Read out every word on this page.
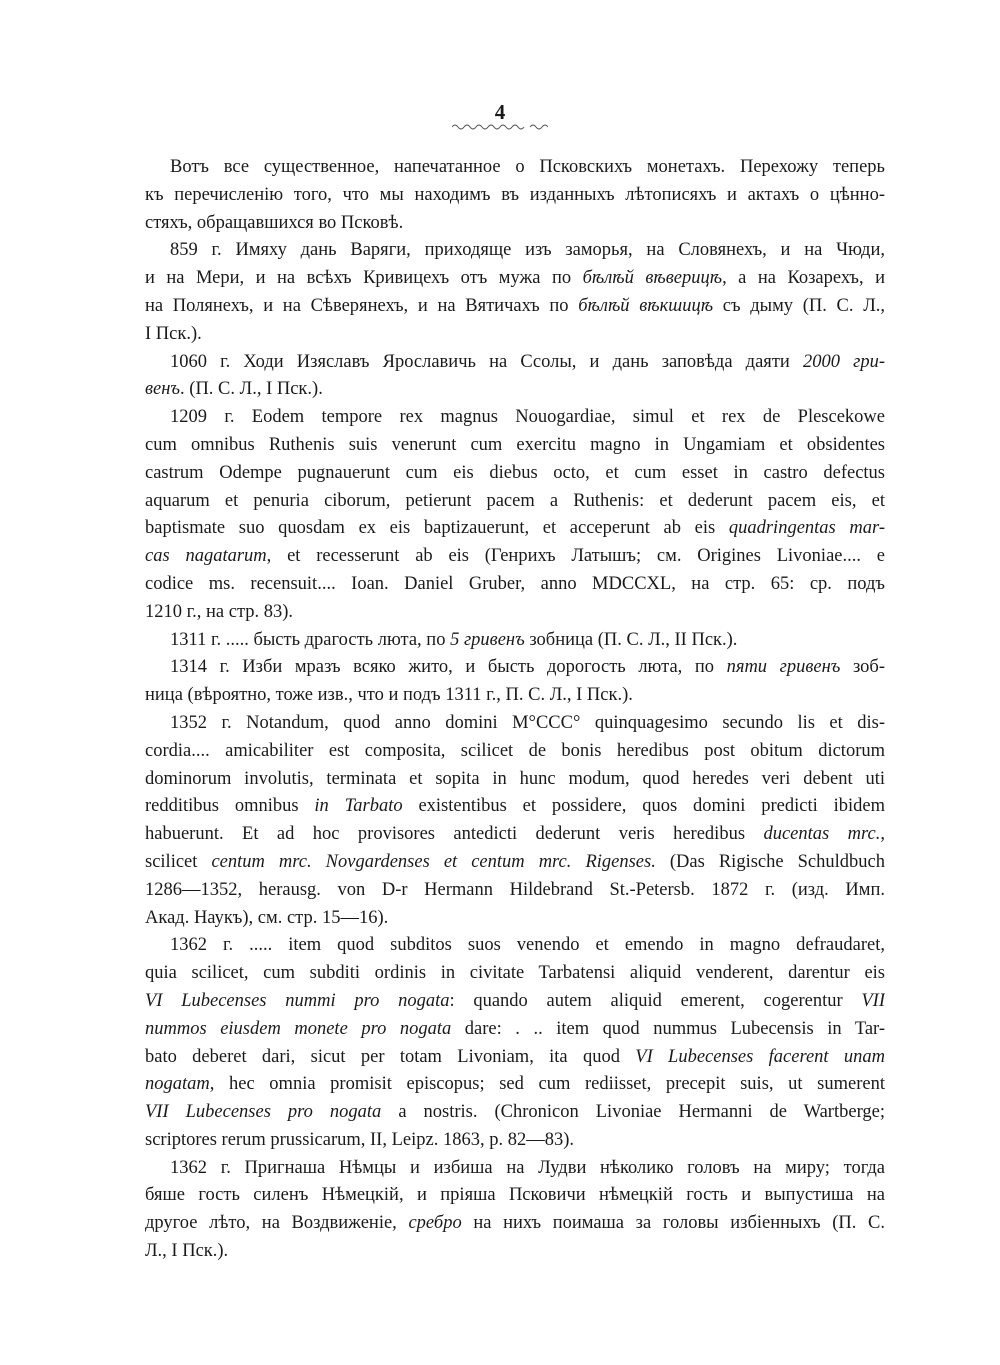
4
Вотъ все существенное, напечатанное о Псковскихъ монетахъ. Перехожу теперь
къ перечисленію того, что мы находимъ въ изданныхъ лѣтописяхъ и актахъ о цѣнно-
стяхъ, обращавшихся во Псковѣ.
859 г. Имяху дань Варяги, приходяще изъ заморья, на Словянехъ, и на Чюди,
и на Мери, и на всѣхъ Кривицехъ отъ мужа по бѣлѣй вѣверицѣ, а на Козарехъ, и
на Полянехъ, и на Сѣверянехъ, и на Вятичахъ по бѣлѣй вѣкшицѣ съ дыму (П. С. Л.,
I Пск.).
1060 г. Ходи Изяславъ Ярославичь на Ссолы, и дань заповѣда даяти 2000 гри-
венъ. (П. С. Л., I Пск.).
1209 г. Eodem tempore rex magnus Nouogardiae, simul et rex de Plescekowe
cum omnibus Ruthenis suis venerunt cum exercitu magno in Ungamiam et obsidentes
castrum Odempe pugnauerunt cum eis diebus octo, et cum esset in castro defectus
aquarum et penuria ciborum, petierunt pacem a Ruthenis: et dederunt pacem eis, et
baptismate suo quosdam ex eis baptizauerunt, et acceperunt ab eis quadringentas mar-
cas nagatarum, et recesserunt ab eis (Генрихъ Латышъ; см. Origines Livoniae.... e
codice ms. recensuit.... Ioan. Daniel Gruber, anno MDCCXL, на стр. 65: ср. подъ
1210 г., на стр. 83).
1311 г. ..... бысть драгость люта, по 5 гривенъ зобница (П. С. Л., II Пск.).
1314 г. Изби мразъ всяко жито, и бысть дорогость люта, по пяти гривенъ зоб-
ница (вѣроятно, тоже изв., что и подъ 1311 г., П. С. Л., I Пск.).
1352 г. Notandum, quod anno domini M°CCC° quinquagesimo secundo lis et dis-
cordia.... amicabiliter est composita, scilicet de bonis heredibus post obitum dictorum
dominorum involutis, terminata et sopita in hunc modum, quod heredes veri debent uti
redditibus omnibus in Tarbato existentibus et possidere, quos domini predicti ibidem
habuerunt. Et ad hoc provisores antedicti dederunt veris heredibus ducentas mrc.,
scilicet centum mrc. Novgardenses et centum mrc. Rigenses. (Das Rigische Schuldbuch
1286—1352, herausg. von D-r Hermann Hildebrand St.-Petersb. 1872 г. (изд. Имп.
Акад. Наукъ), см. стр. 15—16).
1362 г. ..... item quod subditos suos venendo et emendo in magno defraudaret,
quia scilicet, cum subditi ordinis in civitate Tarbatensi aliquid venderent, darentur eis
VI Lubecenses nummi pro nogata: quando autem aliquid emerent, cogerentur VII
nummos eiusdem monete pro nogata dare: . .. item quod nummus Lubecensis in Tar-
bato deberet dari, sicut per totam Livoniam, ita quod VI Lubecenses facerent unam
nogatam, hec omnia promisit episcopus; sed cum rediisset, precepit suis, ut sumerent
VII Lubecenses pro nogata a nostris. (Chronicon Livoniae Hermanni de Wartberge;
scriptores rerum prussicarum, II, Leipz. 1863, p. 82—83).
1362 г. Пригнаша Нѣмцы и избиша на Лудви нѣколико головъ на миру; тогда
бяше гость силенъ Нѣмецкій, и пріяша Псковичи нѣмецкій гость и выпустиша на
другое лѣто, на Воздвиженіе, сребро на нихъ поимаша за головы избіенныхъ (П. С.
Л., I Пск.).
